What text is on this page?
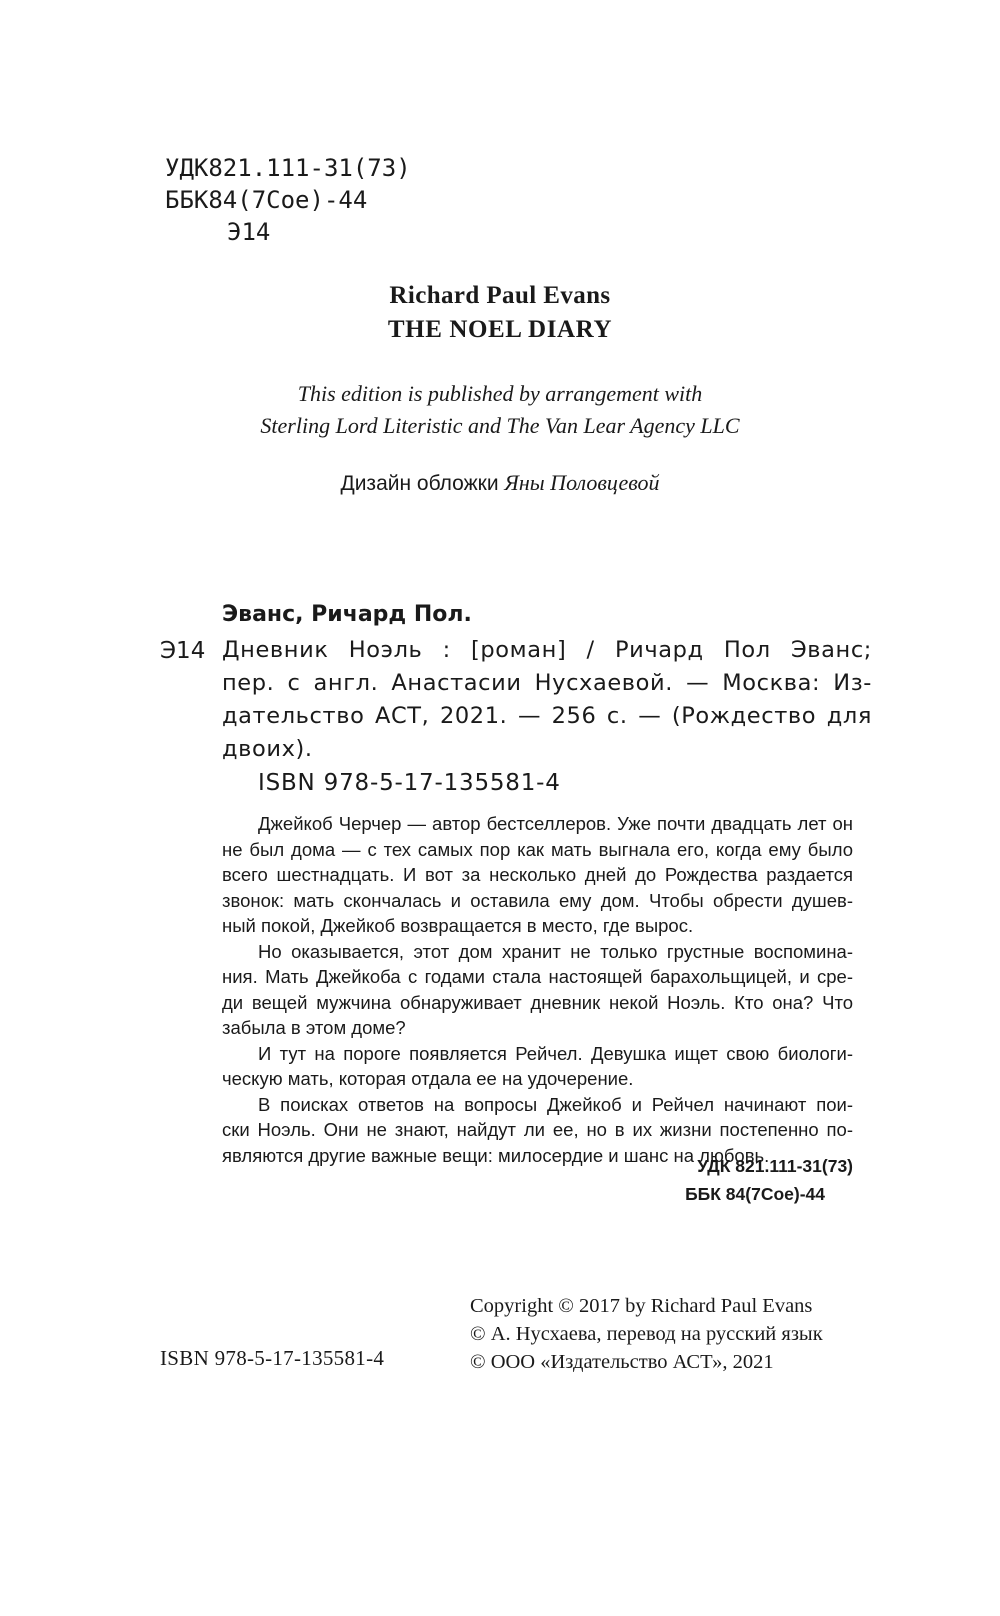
УДК821.111-31(73)
ББК84(7Сое)-44
Э14
Richard Paul Evans
THE NOEL DIARY
This edition is published by arrangement with
Sterling Lord Literistic and The Van Lear Agency LLC
Дизайн обложки Яны Половцевой
Эванс, Ричард Пол.
Э14 Дневник Ноэль : [роман] / Ричард Пол Эванс;
пер. с англ. Анастасии Нусхаевой. — Москва: Из-
дательство АСТ, 2021. — 256 с. — (Рождество для
двоих).
ISBN 978-5-17-135581-4
Джейкоб Черчер — автор бестселлеров. Уже почти двадцать лет он
не был дома — с тех самых пор как мать выгнала его, когда ему было
всего шестнадцать. И вот за несколько дней до Рождества раздается
звонок: мать скончалась и оставила ему дом. Чтобы обрести душев-
ный покой, Джейкоб возвращается в место, где вырос.
Но оказывается, этот дом хранит не только грустные воспомина-
ния. Мать Джейкоба с годами стала настоящей барахольщицей, и сре-
ди вещей мужчина обнаруживает дневник некой Ноэль. Кто она? Что
забыла в этом доме?
И тут на пороге появляется Рейчел. Девушка ищет свою биологи-
ческую мать, которая отдала ее на удочерение.
В поисках ответов на вопросы Джейкоб и Рейчел начинают пои-
ски Ноэль. Они не знают, найдут ли ее, но в их жизни постепенно по-
являются другие важные вещи: милосердие и шанс на любовь.
УДК 821.111-31(73)
ББК 84(7Сое)-44
Copyright © 2017 by Richard Paul Evans
© А. Нусхаева, перевод на русский язык
© ООО «Издательство АСТ», 2021
ISBN 978-5-17-135581-4
